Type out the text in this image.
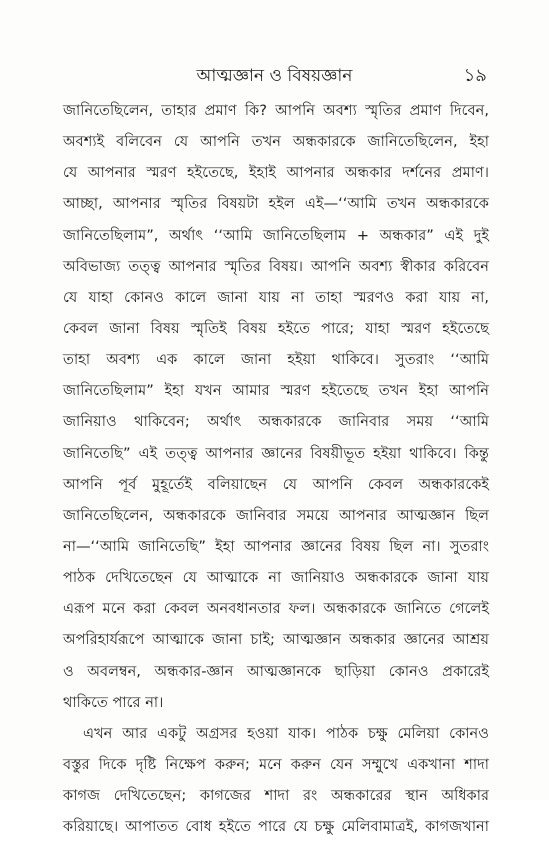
আত্মজ্ঞান ও বিষয়জ্ঞান	১৯
জানিতেছিলেন, তাহার প্রমাণ কি? আপনি অবশ্য স্মৃতির প্রমাণ দিবেন,
অবশ্যই বলিবেন যে আপনি তখন অন্ধকারকে জানিতেছিলেন, ইহা
যে আপনার স্মরণ হইতেছে, ইহাই আপনার অন্ধকার দর্শনের প্রমাণ।
আচ্ছা, আপনার স্মৃতির বিষয়টা হইল এই—‘‘আমি তখন অন্ধকারকে
জানিতেছিলাম”, অর্থাৎ ‘‘আমি জানিতেছিলাম + অন্ধকার” এই দুই
অবিভাজ্য তত্ত্ব আপনার স্মৃতির বিষয়। আপনি অবশ্য স্বীকার করিবেন
যে যাহা কোনও কালে জানা যায় না তাহা স্মরণও করা যায় না,
কেবল জানা বিষয় স্মৃতিই বিষয় হইতে পারে; যাহা স্মরণ হইতেছে
তাহা অবশ্য এক কালে জানা হইয়া থাকিবে। সুতরাং ‘‘আমি
জানিতেছিলাম” ইহা যখন আমার স্মরণ হইতেছে তখন ইহা আপনি
জানিয়াও থাকিবেন; অর্থাৎ অন্ধকারকে জানিবার সময় ‘‘আমি
জানিতেছি” এই তত্ত্ব আপনার জ্ঞানের বিষয়ীভূত হইয়া থাকিবে। কিন্তু
আপনি পূর্ব মুহূর্তেই বলিয়াছেন যে আপনি কেবল অন্ধকারকেই
জানিতেছিলেন, অন্ধকারকে জানিবার সময়ে আপনার আত্মজ্ঞান ছিল
না—‘‘আমি জানিতেছি” ইহা আপনার জ্ঞানের বিষয় ছিল না। সুতরাং
পাঠক দেখিতেছেন যে আত্মাকে না জানিয়াও অন্ধকারকে জানা যায়
এরূপ মনে করা কেবল অনবধানতার ফল। অন্ধকারকে জানিতে গেলেই
অপরিহার্যরূপে আত্মাকে জানা চাই; আত্মজ্ঞান অন্ধকার জ্ঞানের আশ্রয়
ও অবলম্বন, অন্ধকার-জ্ঞান আত্মজ্ঞানকে ছাড়িয়া কোনও প্রকারেই
থাকিতে পারে না।
এখন আর একটু অগ্রসর হওয়া যাক। পাঠক চক্ষু মেলিয়া কোনও
বস্তুর দিকে দৃষ্টি নিক্ষেপ করুন; মনে করুন যেন সম্মুখে একখানা শাদা
কাগজ দেখিতেছেন; কাগজের শাদা রং অন্ধকারের স্থান অধিকার
করিয়াছে। আপাতত বোধ হইতে পারে যে চক্ষু মেলিবামাত্রই, কাগজখানা
